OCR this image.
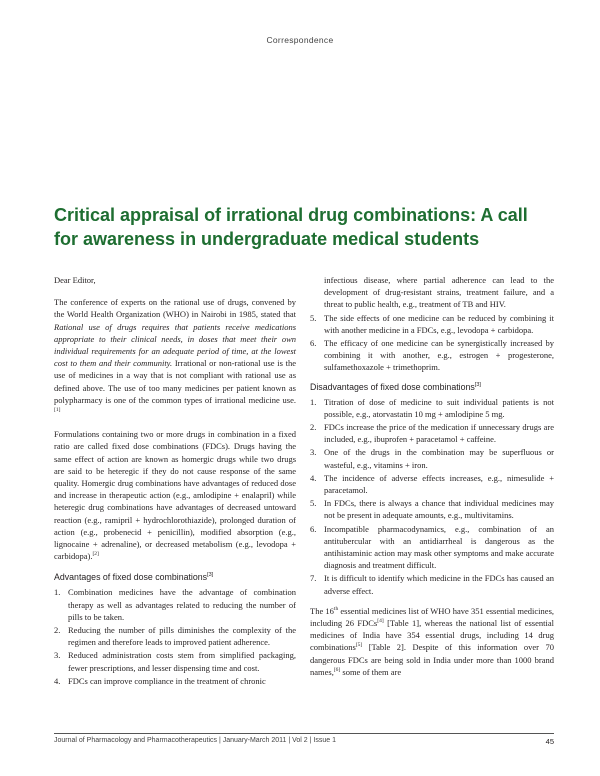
Correspondence
Critical appraisal of irrational drug combinations: A call for awareness in undergraduate medical students

Dear Editor,

The conference of experts on the rational use of drugs, convened by the World Health Organization (WHO) in Nairobi in 1985, stated that Rational use of drugs requires that patients receive medications appropriate to their clinical needs, in doses that meet their own individual requirements for an adequate period of time, at the lowest cost to them and their community. Irrational or non-rational use is the use of medicines in a way that is not compliant with rational use as defined above. The use of too many medicines per patient known as polypharmacy is one of the common types of irrational medicine use.[1]

Formulations containing two or more drugs in combination in a fixed ratio are called fixed dose combinations (FDCs). Drugs having the same effect of action are known as homergic drugs while two drugs are said to be heteregic if they do not cause response of the same quality. Homergic drug combinations have advantages of reduced dose and increase in therapeutic action (e.g., amlodipine + enalapril) while heteregic drug combinations have advantages of decreased untoward reaction (e.g., ramipril + hydrochlorothiazide), prolonged duration of action (e.g., probenecid + penicillin), modified absorption (e.g., lignocaine + adrenaline), or decreased metabolism (e.g., levodopa + carbidopa).[2]

Advantages of fixed dose combinations[3]
1. Combination medicines have the advantage of combination therapy as well as advantages related to reducing the number of pills to be taken.
2. Reducing the number of pills diminishes the complexity of the regimen and therefore leads to improved patient adherence.
3. Reduced administration costs stem from simplified packaging, fewer prescriptions, and lesser dispensing time and cost.
4. FDCs can improve compliance in the treatment of chronic

infectious disease, where partial adherence can lead to the development of drug-resistant strains, treatment failure, and a threat to public health, e.g., treatment of TB and HIV.

5. The side effects of one medicine can be reduced by combining it with another medicine in a FDCs, e.g., levodopa + carbidopa.
6. The efficacy of one medicine can be synergistically increased by combining it with another, e.g., estrogen + progesterone, sulfamethoxazole + trimethoprim.
Disadvantages of fixed dose combinations[3]
1. Titration of dose of medicine to suit individual patients is not possible, e.g., atorvastatin 10 mg + amlodipine 5 mg.
2. FDCs increase the price of the medication if unnecessary drugs are included, e.g., ibuprofen + paracetamol + caffeine.
3. One of the drugs in the combination may be superfluous or wasteful, e.g., vitamins + iron.
4. The incidence of adverse effects increases, e.g., nimesulide + paracetamol.
5. In FDCs, there is always a chance that individual medicines may not be present in adequate amounts, e.g., multivitamins.
6. Incompatible pharmacodynamics, e.g., combination of an antitubercular with an antidiarrheal is dangerous as the antihistaminic action may mask other symptoms and make accurate diagnosis and treatment difficult.
7. It is difficult to identify which medicine in the FDCs has caused an adverse effect.

The 16th essential medicines list of WHO have 351 essential medicines, including 26 FDCs[4] [Table 1], whereas the national list of essential medicines of India have 354 essential drugs, including 14 drug combinations[5] [Table 2]. Despite of this information over 70 dangerous FDCs are being sold in India under more than 1000 brand names,[6] some of them are

Journal of Pharmacology and Pharmacotherapeutics | January-March 2011 | Vol 2 | Issue 1	45
